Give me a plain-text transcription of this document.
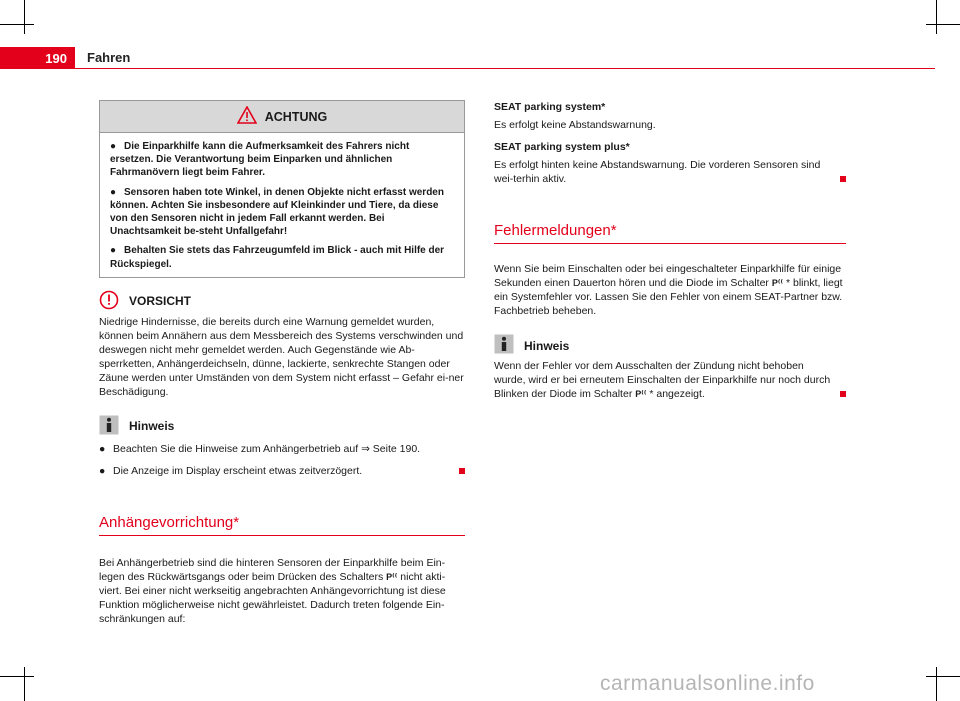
190	Fahren
ACHTUNG

● Die Einparkhilfe kann die Aufmerksamkeit des Fahrers nicht ersetzen. Die Verantwortung beim Einparken und ähnlichen Fahrmanövern liegt beim Fahrer.

● Sensoren haben tote Winkel, in denen Objekte nicht erfasst werden können. Achten Sie insbesondere auf Kleinkinder und Tiere, da diese von den Sensoren nicht in jedem Fall erkannt werden. Bei Unachtsamkeit be-steht Unfallgefahr!

● Behalten Sie stets das Fahrzeugumfeld im Blick - auch mit Hilfe der Rückspiegel.

VORSICHT

Niedrige Hindernisse, die bereits durch eine Warnung gemeldet wurden, können beim Annähern aus dem Messbereich des Systems verschwinden und deswegen nicht mehr gemeldet werden. Auch Gegenstände wie Ab-sperrketten, Anhängerdeichseln, dünne, lackierte, senkrechte Stangen oder Zäune werden unter Umständen von dem System nicht erfasst – Gefahr ei-ner Beschädigung.

Hinweis
● Beachten Sie die Hinweise zum Anhängerbetrieb auf ⇒ Seite 190.
● Die Anzeige im Display erscheint etwas zeitverzögert.
Anhängevorrichtung*

Bei Anhängerbetrieb sind die hinteren Sensoren der Einparkhilfe beim Ein-legen des Rückwärtsgangs oder beim Drücken des Schalters P⁽⁽ nicht akti-viert. Bei einer nicht werkseitig angebrachten Anhängevorrichtung ist diese Funktion möglicherweise nicht gewährleistet. Dadurch treten folgende Ein-schränkungen auf:

SEAT parking system*

Es erfolgt keine Abstandswarnung.

SEAT parking system plus*

Es erfolgt hinten keine Abstandswarnung. Die vorderen Sensoren sind wei-terhin aktiv.

Fehlermeldungen*

Wenn Sie beim Einschalten oder bei eingeschalteter Einparkhilfe für einige Sekunden einen Dauerton hören und die Diode im Schalter P⁽⁽ * blinkt, liegt ein Systemfehler vor. Lassen Sie den Fehler von einem SEAT-Partner bzw. Fachbetrieb beheben.

Hinweis

Wenn der Fehler vor dem Ausschalten der Zündung nicht behoben wurde, wird er bei erneutem Einschalten der Einparkhilfe nur noch durch Blinken der Diode im Schalter P⁽⁽ * angezeigt.

carmanualsonline.info
